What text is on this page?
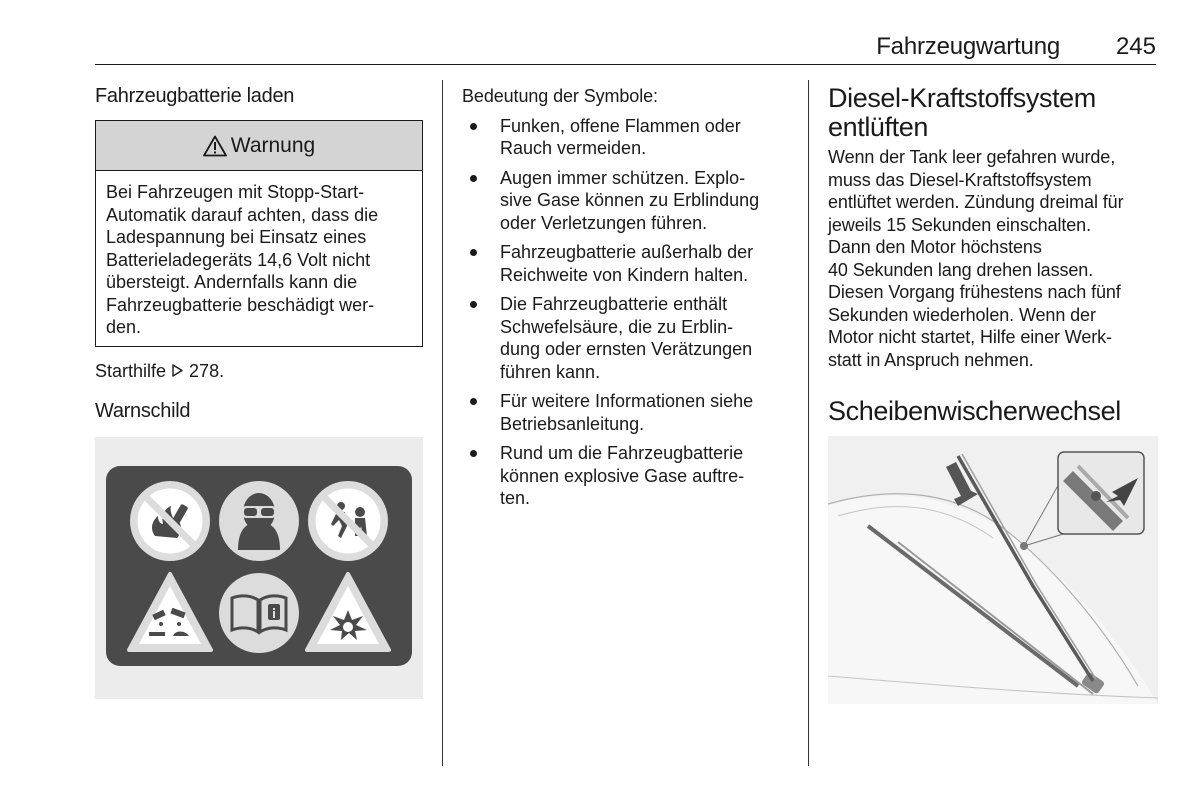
Fahrzeugwartung 245
Fahrzeugbatterie laden
Warnung
Bei Fahrzeugen mit Stopp-Start-
Automatik darauf achten, dass die
Ladespannung bei Einsatz eines
Batterieladegeräts 14,6 Volt nicht
übersteigt. Andernfalls kann die
Fahrzeugbatterie beschädigt wer-
den.
Starthilfe 278.
Warnschild
Bedeutung der Symbole:
Funken, offene Flammen oder
Rauch vermeiden.
Augen immer schützen. Explo-
sive Gase können zu Erblindung
oder Verletzungen führen.
Fahrzeugbatterie außerhalb der
Reichweite von Kindern halten.
Die Fahrzeugbatterie enthält
Schwefelsäure, die zu Erblin-
dung oder ernsten Verätzungen
führen kann.
Für weitere Informationen siehe
Betriebsanleitung.
Rund um die Fahrzeugbatterie
können explosive Gase auftre-
ten.
Diesel-Kraftstoffsystem
entlüften
Wenn der Tank leer gefahren wurde,
muss das Diesel-Kraftstoffsystem
entlüftet werden. Zündung dreimal für
jeweils 15 Sekunden einschalten.
Dann den Motor höchstens
40 Sekunden lang drehen lassen.
Diesen Vorgang frühestens nach fünf
Sekunden wiederholen. Wenn der
Motor nicht startet, Hilfe einer Werk-
statt in Anspruch nehmen.
Scheibenwischerwechsel
